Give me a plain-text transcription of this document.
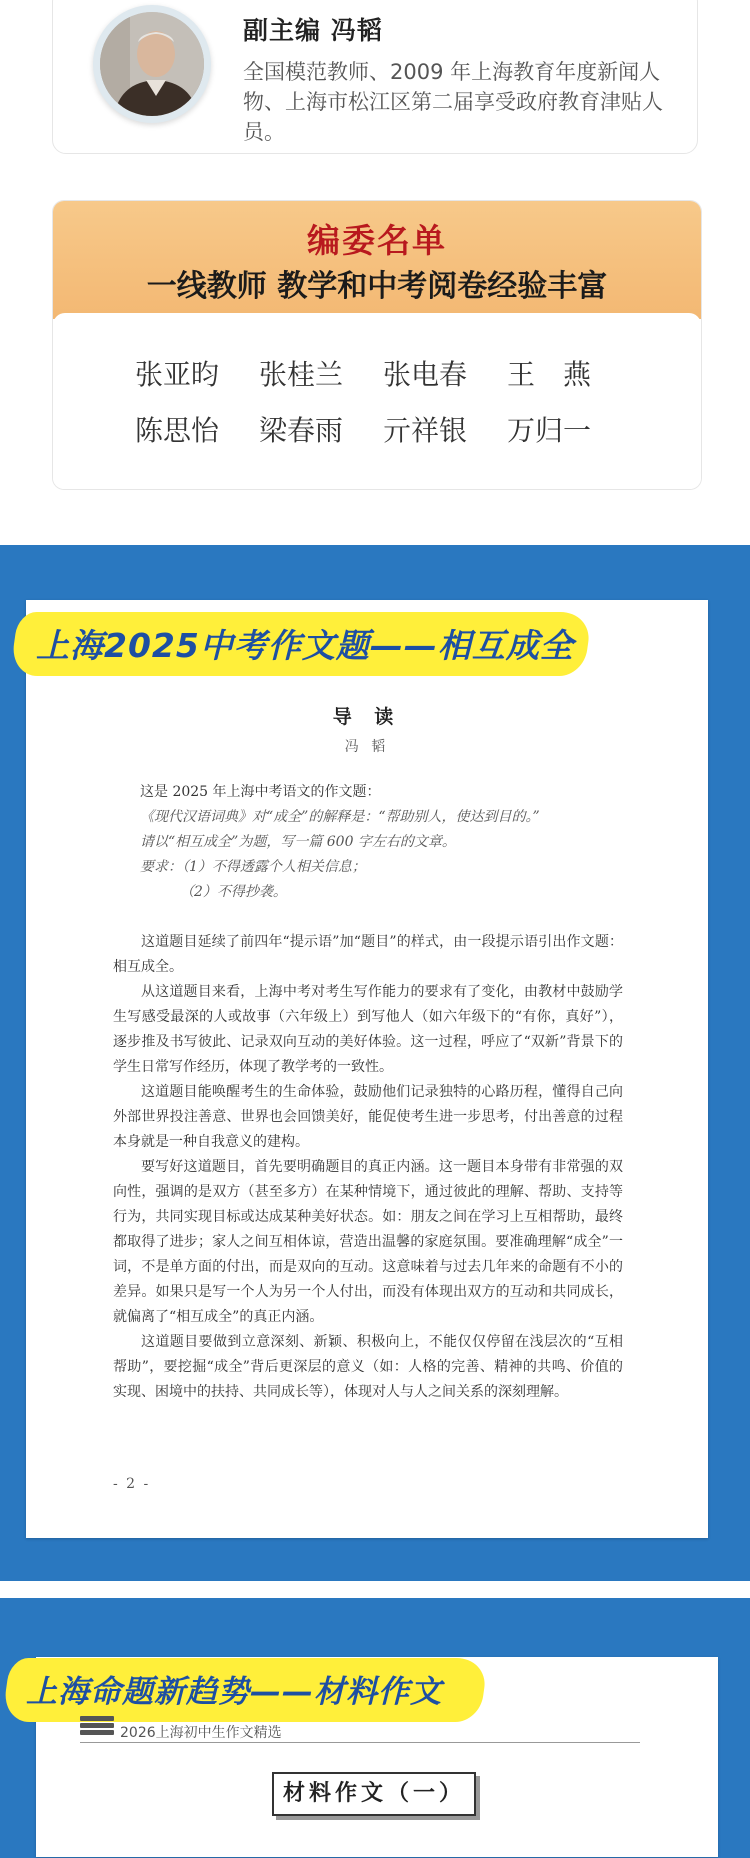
副主编 冯韬
全国模范教师、2009 年上海教育年度新闻人物、上海市松江区第二届享受政府教育津贴人员。
编委名单
一线教师 教学和中考阅卷经验丰富
张亚昀	张桂兰	张电春	王　燕
陈思怡	梁春雨	亓祥银	万归一
上海2025中考作文题——相互成全
导 读
冯 韬
这是 2025 年上海中考语文的作文题：
《现代汉语词典》对“成全”的解释是：“帮助别人，使达到目的。”
请以“相互成全”为题，写一篇 600 字左右的文章。
要求：（1）不得透露个人相关信息；
（2）不得抄袭。

这道题目延续了前四年“提示语”加“题目”的样式，由一段提示语引出作文题：相互成全。

从这道题目来看，上海中考对考生写作能力的要求有了变化，由教材中鼓励学生写感受最深的人或故事（六年级上）到写他人（如六年级下的“有你，真好”），逐步推及书写彼此、记录双向互动的美好体验。这一过程，呼应了“双新”背景下的学生日常写作经历，体现了教学考的一致性。

这道题目能唤醒考生的生命体验，鼓励他们记录独特的心路历程，懂得自己向外部世界投注善意、世界也会回馈美好，能促使考生进一步思考，付出善意的过程本身就是一种自我意义的建构。

要写好这道题目，首先要明确题目的真正内涵。这一题目本身带有非常强的双向性，强调的是双方（甚至多方）在某种情境下，通过彼此的理解、帮助、支持等行为，共同实现目标或达成某种美好状态。如：朋友之间在学习上互相帮助，最终都取得了进步；家人之间互相体谅，营造出温馨的家庭氛围。要准确理解“成全”一词，不是单方面的付出，而是双向的互动。这意味着与过去几年来的命题有不小的差异。如果只是写一个人为另一个人付出，而没有体现出双方的互动和共同成长，就偏离了“相互成全”的真正内涵。

这道题目要做到立意深刻、新颖、积极向上，不能仅仅停留在浅层次的“互相帮助”，要挖掘“成全”背后更深层的意义（如：人格的完善、精神的共鸣、价值的实现、困境中的扶持、共同成长等），体现对人与人之间关系的深刻理解。

- 2 -
上海命题新趋势——材料作文
2026上海初中生作文精选
材料作文（一）
